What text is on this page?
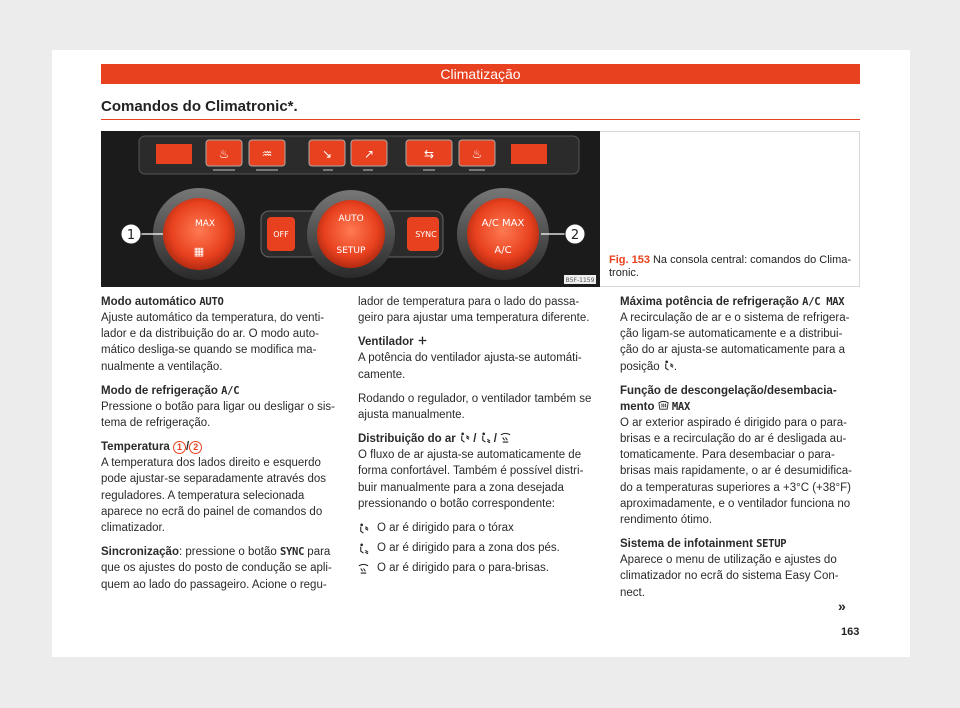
Climatização
Comandos do Climatronic*.
♨	♒	↘	↗	⇆	♨
MAX
▦
A/C MAX
A/C
OFF	SYNC
AUTO
SETUP
1	2
B5F-1159
Fig. 153 Na consola central: comandos do Clima-tronic.
Modo automático AUTO

Ajuste automático da temperatura, do venti-lador e da distribuição do ar. O modo auto-mático desliga-se quando se modifica ma-nualmente a ventilação.

Modo de refrigeração A/C

Pressione o botão para ligar ou desligar o sis-tema de refrigeração.

Temperatura 1 / 2

A temperatura dos lados direito e esquerdo pode ajustar-se separadamente através dos reguladores. A temperatura selecionada aparece no ecrã do painel de comandos do climatizador.

Sincronização: pressione o botão SYNC para que os ajustes do posto de condução se apli-quem ao lado do passageiro. Acione o regu-

lador de temperatura para o lado do passa-geiro para ajustar uma temperatura diferente.

Ventilador

A potência do ventilador ajusta-se automáti-camente.

Rodando o regulador, o ventilador também se ajusta manualmente.

Distribuição do ar / /

O fluxo de ar ajusta-se automaticamente de forma confortável. Também é possível distri-buir manualmente para a zona desejada pressionando o botão correspondente:

O ar é dirigido para o tórax
O ar é dirigido para a zona dos pés.
O ar é dirigido para o para-brisas.
Máxima potência de refrigeração A/C MAX

A recirculação de ar e o sistema de refrigera-ção ligam-se automaticamente e a distribui-ção do ar ajusta-se automaticamente para a posição .

Função de descongelação/desembacia-mento MAX

O ar exterior aspirado é dirigido para o para-brisas e a recirculação do ar é desligada au-tomaticamente. Para desembaciar o para-brisas mais rapidamente, o ar é desumidifica-do a temperaturas superiores a +3°C (+38°F) aproximadamente, e o ventilador funciona no rendimento ótimo.

Sistema de infotainment SETUP

Aparece o menu de utilização e ajustes do climatizador no ecrã do sistema Easy Con-nect.

»
163
